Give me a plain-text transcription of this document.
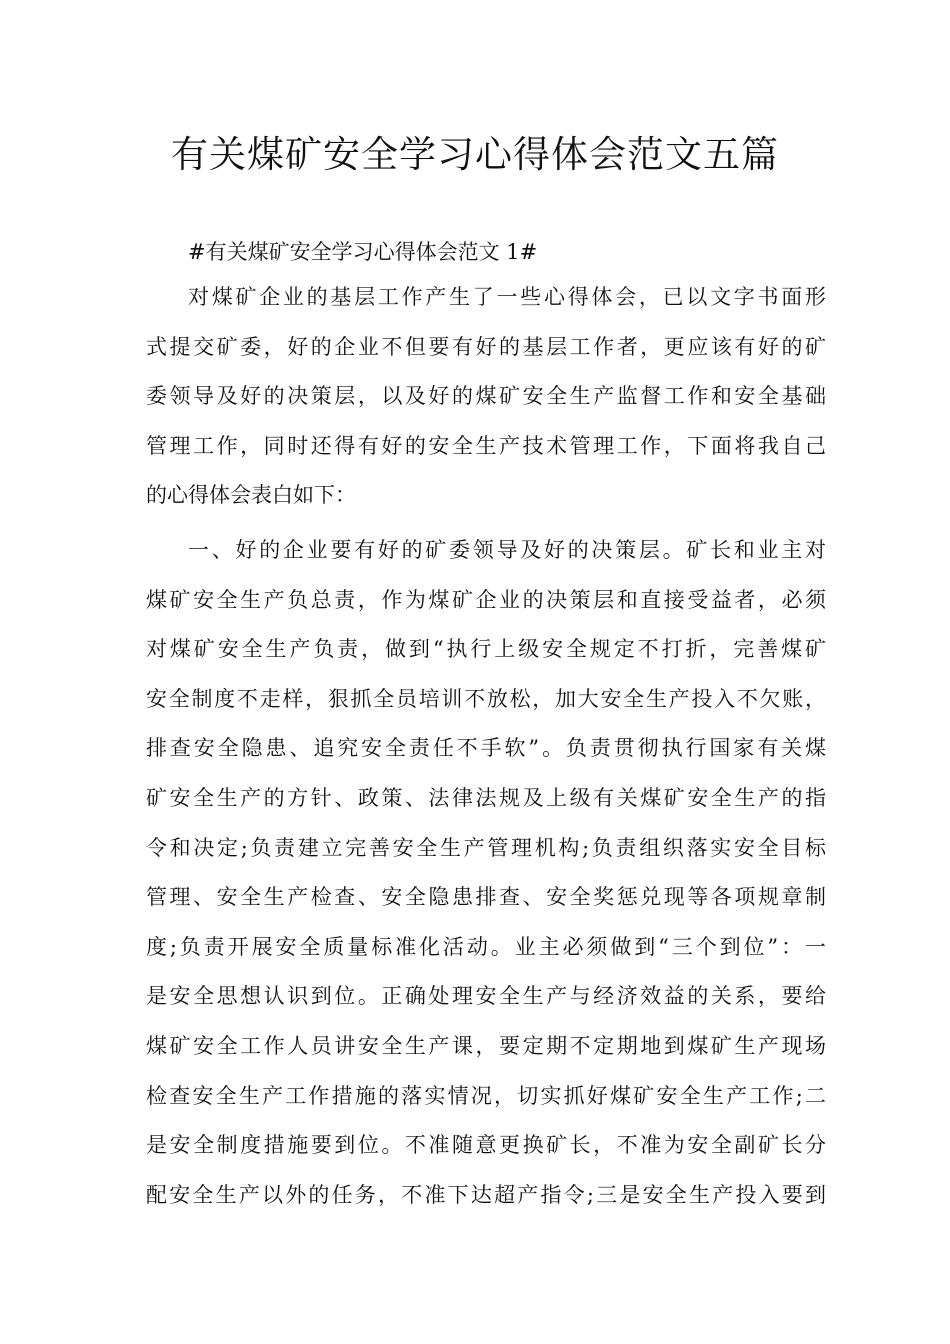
有关煤矿安全学习心得体会范文五篇

#有关煤矿安全学习心得体会范文 1#

对煤矿企业的基层工作产生了一些心得体会，已以文字书面形
式提交矿委，好的企业不但要有好的基层工作者，更应该有好的矿
委领导及好的决策层，以及好的煤矿安全生产监督工作和安全基础
管理工作，同时还得有好的安全生产技术管理工作，下面将我自己
的心得体会表白如下：
一、好的企业要有好的矿委领导及好的决策层。矿长和业主对
煤矿安全生产负总责，作为煤矿企业的决策层和直接受益者，必须
对煤矿安全生产负责，做到“执行上级安全规定不打折，完善煤矿
安全制度不走样，狠抓全员培训不放松，加大安全生产投入不欠账，
排查安全隐患、追究安全责任不手软”。负责贯彻执行国家有关煤
矿安全生产的方针、政策、法律法规及上级有关煤矿安全生产的指
令和决定;负责建立完善安全生产管理机构;负责组织落实安全目标
管理、安全生产检查、安全隐患排查、安全奖惩兑现等各项规章制
度;负责开展安全质量标准化活动。业主必须做到“三个到位”：一
是安全思想认识到位。正确处理安全生产与经济效益的关系，要给
煤矿安全工作人员讲安全生产课，要定期不定期地到煤矿生产现场
检查安全生产工作措施的落实情况，切实抓好煤矿安全生产工作;二
是安全制度措施要到位。不准随意更换矿长，不准为安全副矿长分
配安全生产以外的任务，不准下达超产指令;三是安全生产投入要到
